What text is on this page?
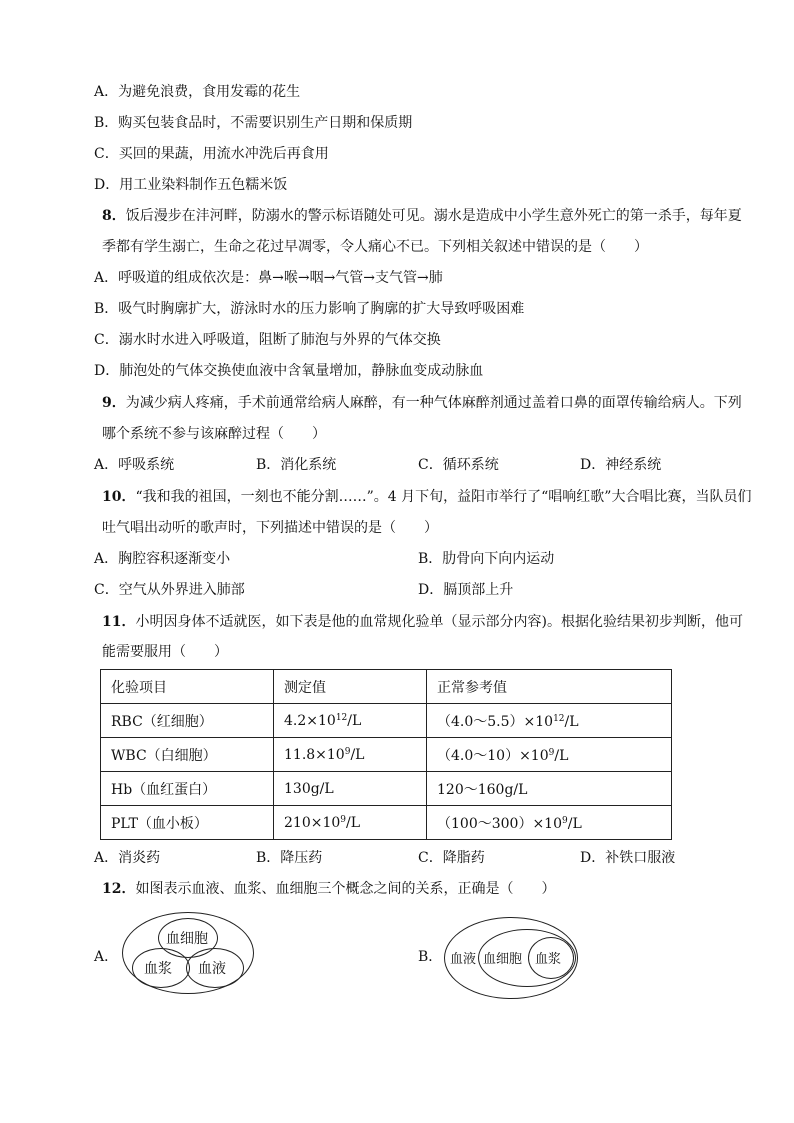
A．为避免浪费，食用发霉的花生
B．购买包装食品时，不需要识别生产日期和保质期
C．买回的果蔬，用流水冲洗后再食用
D．用工业染料制作五色糯米饭
8．饭后漫步在沣河畔，防溺水的警示标语随处可见。溺水是造成中小学生意外死亡的第一杀手，每年夏
季都有学生溺亡，生命之花过早凋零，令人痛心不已。下列相关叙述中错误的是（　　）
A．呼吸道的组成依次是：鼻→喉→咽→气管→支气管→肺
B．吸气时胸廓扩大，游泳时水的压力影响了胸廓的扩大导致呼吸困难
C．溺水时水进入呼吸道，阻断了肺泡与外界的气体交换
D．肺泡处的气体交换使血液中含氧量增加，静脉血变成动脉血
9．为减少病人疼痛，手术前通常给病人麻醉，有一种气体麻醉剂通过盖着口鼻的面罩传输给病人。下列
哪个系统不参与该麻醉过程（　　）
A．呼吸系统	B．消化系统	C．循环系统	D．神经系统
10．“我和我的祖国，一刻也不能分割……”。4 月下旬，益阳市举行了“唱响红歌”大合唱比赛，当队员们
吐气唱出动听的歌声时，下列描述中错误的是（　　）
A．胸腔容积逐渐变小	B．肋骨向下向内运动
C．空气从外界进入肺部	D．膈顶部上升
11．小明因身体不适就医，如下表是他的血常规化验单（显示部分内容)。根据化验结果初步判断，他可
能需要服用（　　）
化验项目	测定值	正常参考值
RBC（红细胞）	$4.2\times 10^{12}/L$	$(4.0\sim 5.5)\times 10^{12}/L$
WBC（白细胞）	$11.8\times 10^9/L$	$(4.0\sim 10)\times 10^9/L$
Hb（血红蛋白）	130g/L	120～160g/L
PLT（血小板）	$210\times 10^9/L$	$(100\sim 300)\times 10^9/L$
A．消炎药	B．降压药	C．降脂药	D．补铁口服液
12．如图表示血液、血浆、血细胞三个概念之间的关系，正确是（　　）
A．
血细胞
血浆 血液
B． 血液 血细胞 血浆
